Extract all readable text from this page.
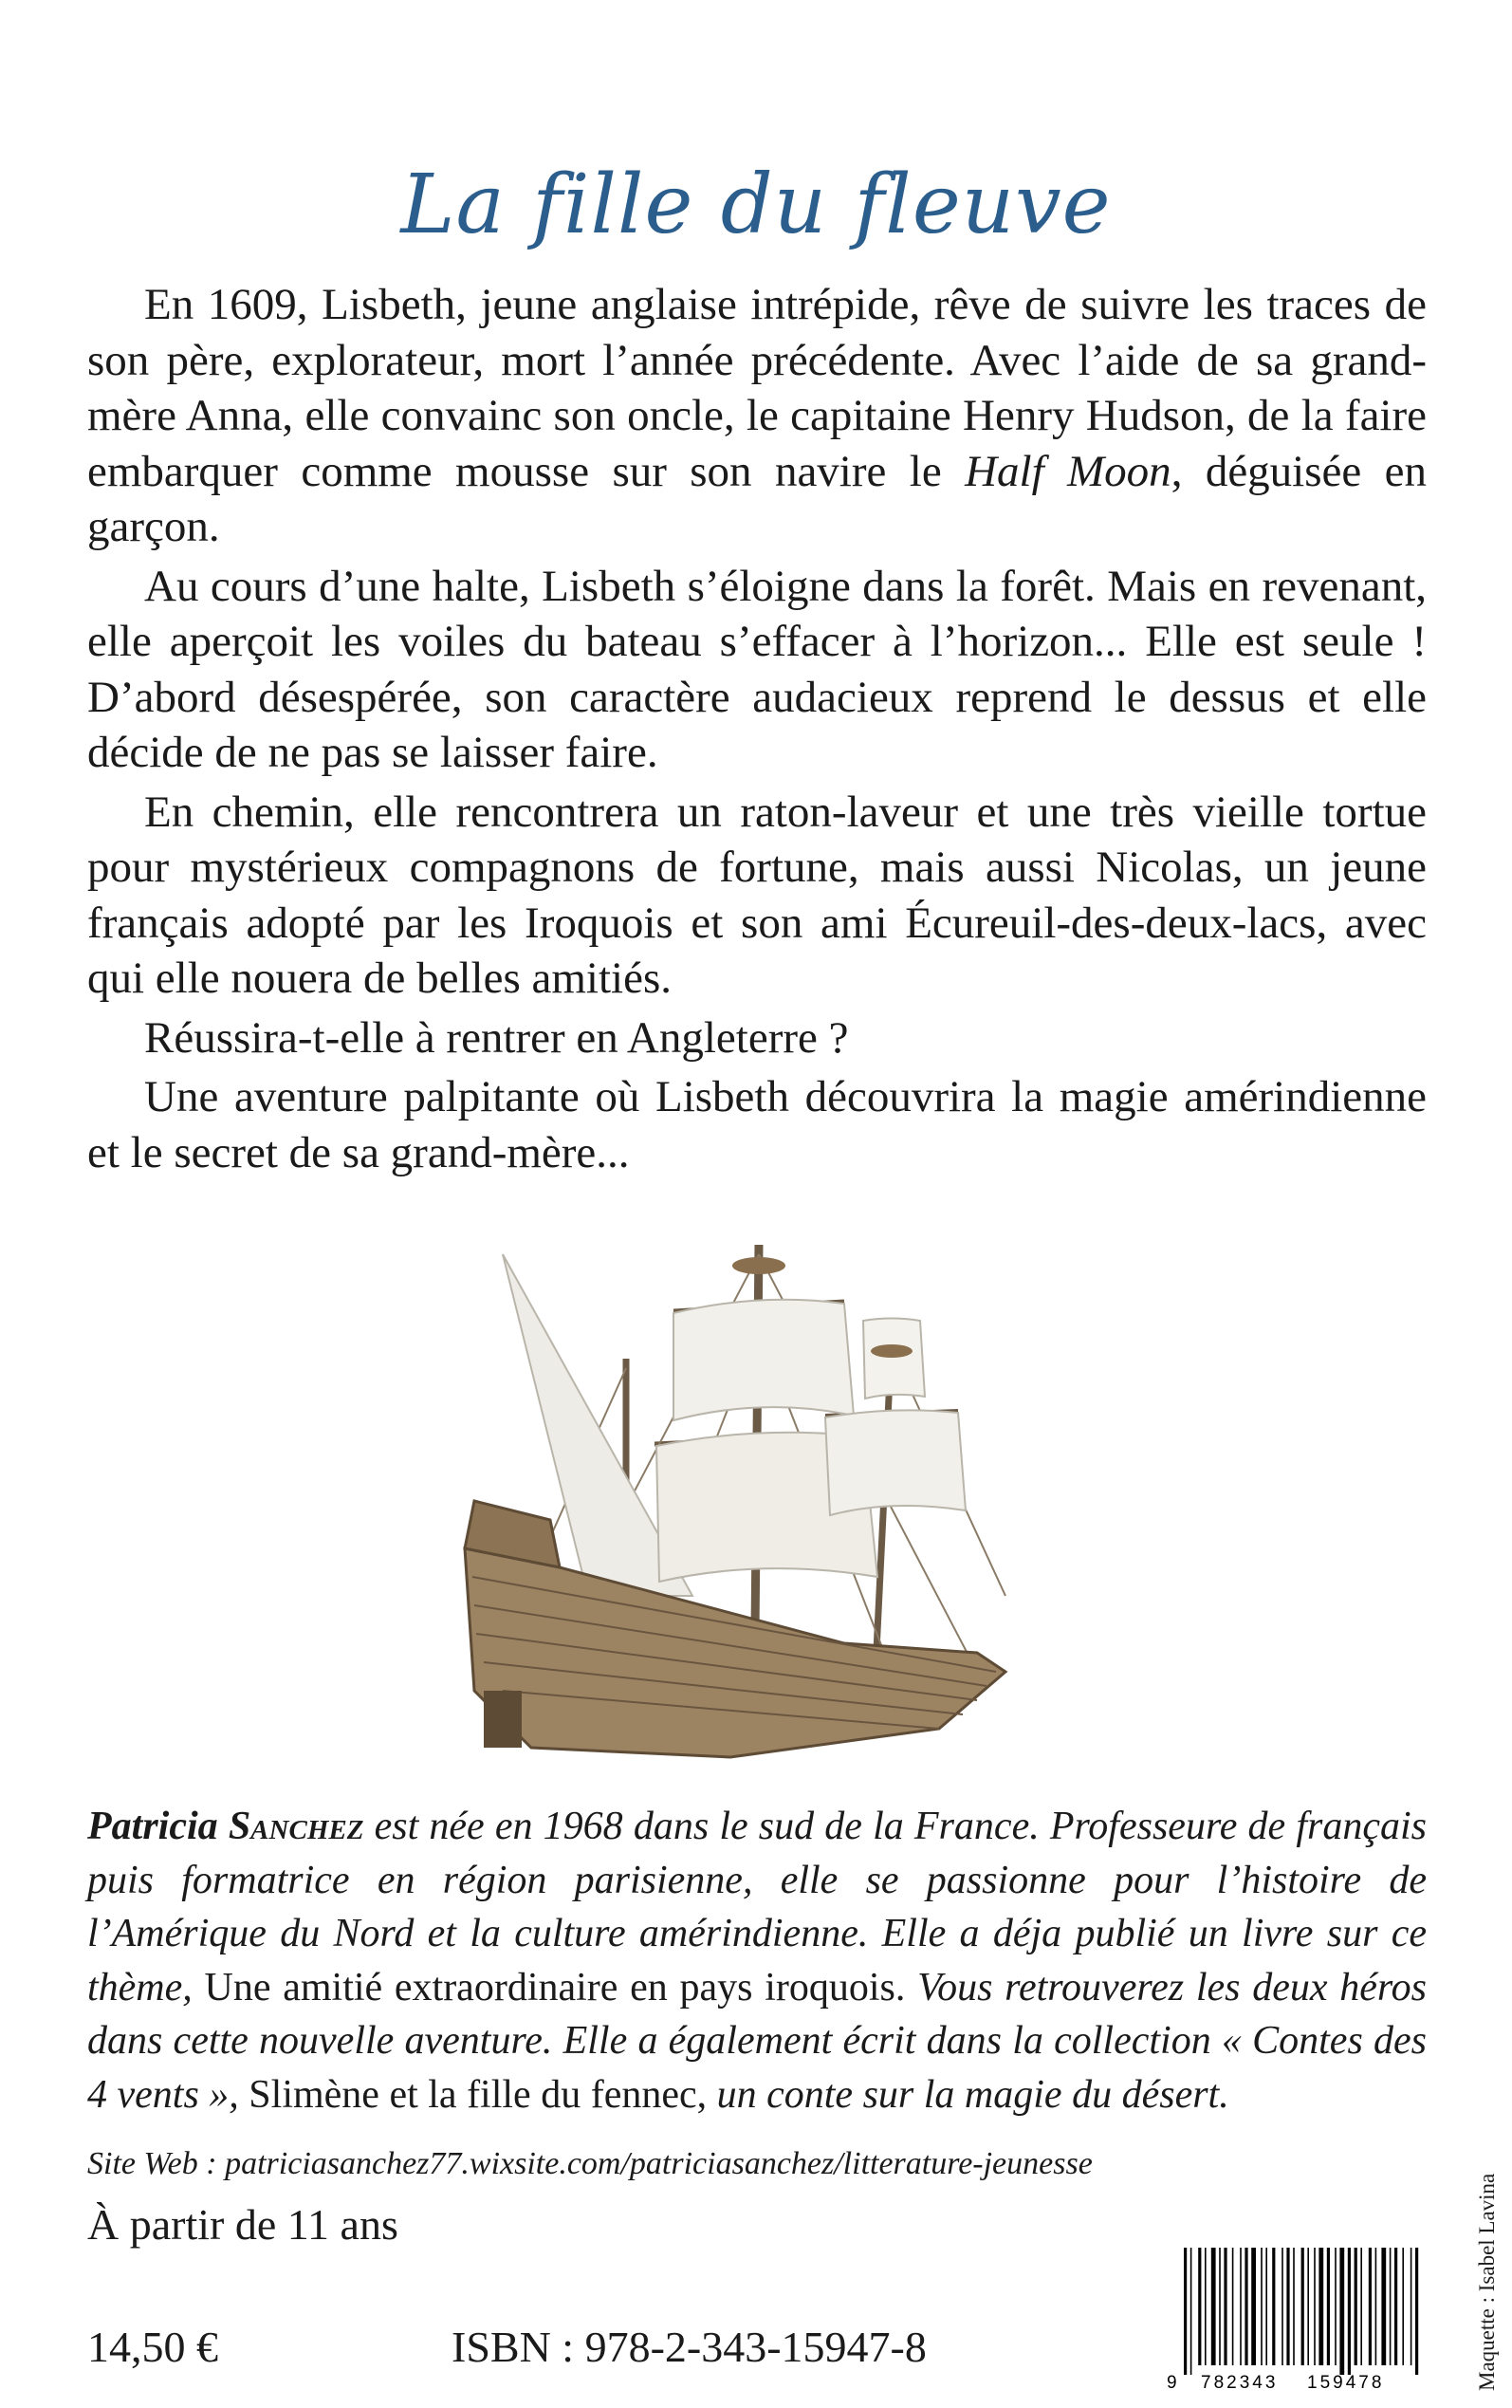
La fille du fleuve

En 1609, Lisbeth, jeune anglaise intrépide, rêve de suivre les traces de son père, explorateur, mort l’année précédente. Avec l’aide de sa grand-mère Anna, elle convainc son oncle, le capitaine Henry Hudson, de la faire embarquer comme mousse sur son navire le Half Moon, déguisée en garçon.

Au cours d’une halte, Lisbeth s’éloigne dans la forêt. Mais en revenant, elle aperçoit les voiles du bateau s’effacer à l’horizon... Elle est seule ! D’abord désespérée, son caractère audacieux reprend le dessus et elle décide de ne pas se laisser faire.

En chemin, elle rencontrera un raton-laveur et une très vieille tortue pour mystérieux compagnons de fortune, mais aussi Nicolas, un jeune français adopté par les Iroquois et son ami Écureuil-des-deux-lacs, avec qui elle nouera de belles amitiés.

Réussira-t-elle à rentrer en Angleterre ?

Une aventure palpitante où Lisbeth découvrira la magie amérindienne et le secret de sa grand-mère...

Patricia Sanchez est née en 1968 dans le sud de la France. Professeure de français puis formatrice en région parisienne, elle se passionne pour l’histoire de l’Amérique du Nord et la culture amérindienne. Elle a déja publié un livre sur ce thème, Une amitié extraordinaire en pays iroquois. Vous retrouverez les deux héros dans cette nouvelle aventure. Elle a également écrit dans la collection « Contes des 4 vents », Slimène et la fille du fennec, un conte sur la magie du désert.
Site Web : patriciasanchez77.wixsite.com/patriciasanchez/litterature-jeunesse
À partir de 11 ans
14,50 €	ISBN : 978-2-343-15947-8
9 782343 159478	Maquette : Isabel Lavina
